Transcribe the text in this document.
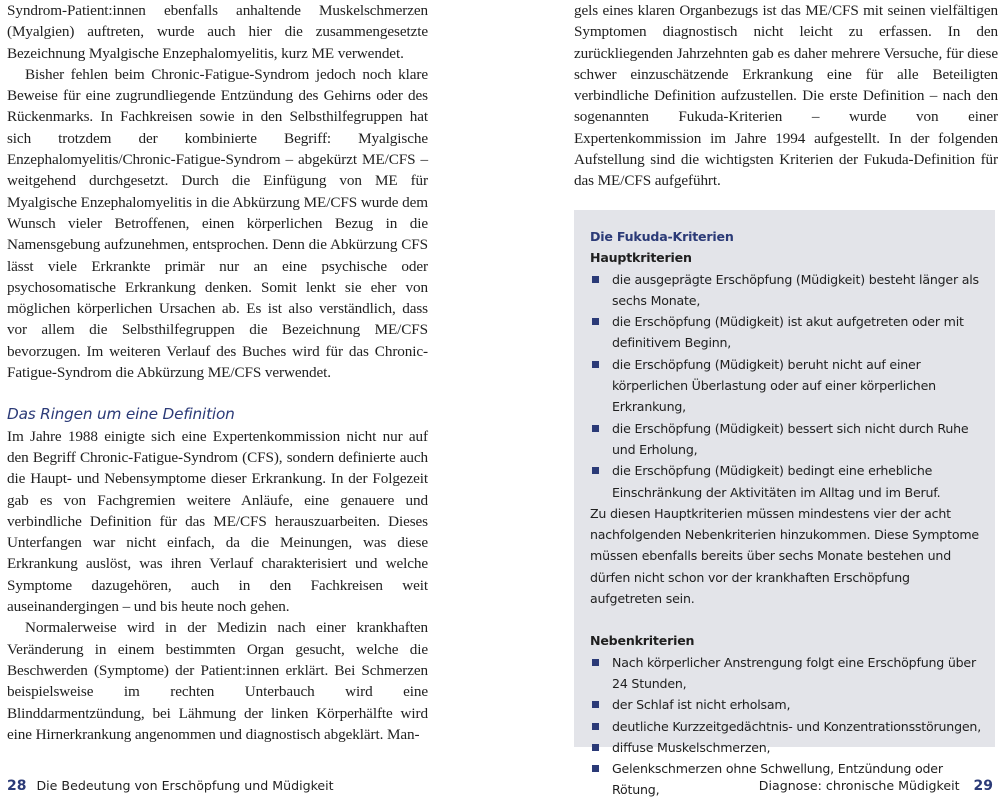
Syndrom-Patient:innen ebenfalls anhaltende Muskelschmerzen (Myalgien) auftreten, wurde auch hier die zusammengesetzte Bezeichnung Myalgische Enzephalomyelitis, kurz ME verwendet.

Bisher fehlen beim Chronic-Fatigue-Syndrom jedoch noch klare Beweise für eine zugrundliegende Entzündung des Gehirns oder des Rückenmarks. In Fachkreisen sowie in den Selbsthilfegruppen hat sich trotzdem der kombinierte Begriff: Myalgische Enzephalomyelitis/Chronic-Fatigue-Syndrom – abgekürzt ME/CFS – weitgehend durchgesetzt. Durch die Einfügung von ME für Myalgische Enzephalomyelitis in die Abkürzung ME/CFS wurde dem Wunsch vieler Betroffenen, einen körperlichen Bezug in die Namensgebung aufzunehmen, entsprochen. Denn die Abkürzung CFS lässt viele Erkrankte primär nur an eine psychische oder psychosomatische Erkrankung denken. Somit lenkt sie eher von möglichen körperlichen Ursachen ab. Es ist also verständlich, dass vor allem die Selbsthilfegruppen die Bezeichnung ME/CFS bevorzugen. Im weiteren Verlauf des Buches wird für das Chronic-Fatigue-Syndrom die Abkürzung ME/CFS verwendet.

Das Ringen um eine Definition

Im Jahre 1988 einigte sich eine Expertenkommission nicht nur auf den Begriff Chronic-Fatigue-Syndrom (CFS), sondern definierte auch die Haupt- und Nebensymptome dieser Erkrankung. In der Folgezeit gab es von Fachgremien weitere Anläufe, eine genauere und verbindliche Definition für das ME/CFS herauszuarbeiten. Dieses Unterfangen war nicht einfach, da die Meinungen, was diese Erkrankung auslöst, was ihren Verlauf charakterisiert und welche Symptome dazugehören, auch in den Fachkreisen weit auseinandergingen – und bis heute noch gehen.

Normalerweise wird in der Medizin nach einer krankhaften Veränderung in einem bestimmten Organ gesucht, welche die Beschwerden (Symptome) der Patient:innen erklärt. Bei Schmerzen beispielsweise im rechten Unterbauch wird eine Blinddarmentzündung, bei Lähmung der linken Körperhälfte wird eine Hirnerkrankung angenommen und diagnostisch abgeklärt. Man-

gels eines klaren Organbezugs ist das ME/CFS mit seinen vielfältigen Symptomen diagnostisch nicht leicht zu erfassen. In den zurückliegenden Jahrzehnten gab es daher mehrere Versuche, für diese schwer einzuschätzende Erkrankung eine für alle Beteiligten verbindliche Definition aufzustellen. Die erste Definition – nach den sogenannten Fukuda-Kriterien – wurde von einer Expertenkommission im Jahre 1994 aufgestellt. In der folgenden Aufstellung sind die wichtigsten Kriterien der Fukuda-Definition für das ME/CFS aufgeführt.

Die Fukuda-Kriterien
Hauptkriterien
die ausgeprägte Erschöpfung (Müdigkeit) besteht länger als sechs Monate,
die Erschöpfung (Müdigkeit) ist akut aufgetreten oder mit definitivem Beginn,
die Erschöpfung (Müdigkeit) beruht nicht auf einer körperlichen Überlastung oder auf einer körperlichen Erkrankung,
die Erschöpfung (Müdigkeit) bessert sich nicht durch Ruhe und Erholung,
die Erschöpfung (Müdigkeit) bedingt eine erhebliche Einschränkung der Aktivitäten im Alltag und im Beruf.

Zu diesen Hauptkriterien müssen mindestens vier der acht nachfolgenden Nebenkriterien hinzukommen. Diese Symptome müssen ebenfalls bereits über sechs Monate bestehen und dürfen nicht schon vor der krankhaften Erschöpfung aufgetreten sein.

Nebenkriterien
Nach körperlicher Anstrengung folgt eine Erschöpfung über 24 Stunden,
der Schlaf ist nicht erholsam,
deutliche Kurzzeitgedächtnis- und Konzentrationsstörungen,
diffuse Muskelschmerzen,
Gelenkschmerzen ohne Schwellung, Entzündung oder Rötung,
28 Die Bedeutung von Erschöpfung und Müdigkeit	Diagnose: chronische Müdigkeit 29
